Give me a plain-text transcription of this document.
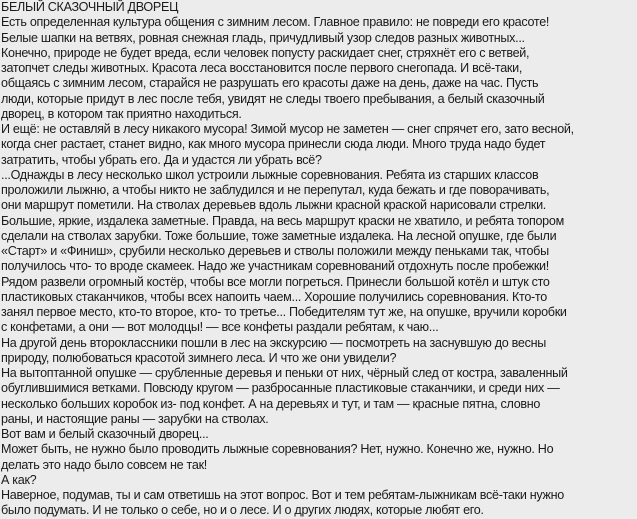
БЕЛЫЙ СКАЗОЧНЫЙ ДВОРЕЦ
Есть определенная культура общения с зимним лесом. Главное правило: не повреди его красоте!
Белые шапки на ветвях, ровная снежная гладь, причудливый узор следов разных животных...
Конечно, природе не будет вреда, если человек попусту раскидает снег, стряхнёт его с ветвей,
затопчет следы животных. Красота леса восстановится после первого снегопада. И всё-таки,
общаясь с зимним лесом, старайся не разрушать его красоты даже на день, даже на час. Пусть
люди, которые придут в лес после тебя, увидят не следы твоего пребывания, а белый сказочный
дворец, в котором так приятно находиться.
И ещё: не оставляй в лесу никакого мусора! Зимой мусор не заметен — снег спрячет его, зато весной,
когда снег растает, станет видно, как много мусора принесли сюда люди. Много труда надо будет
затратить, чтобы убрать его. Да и удастся ли убрать всё?
...Однажды в лесу несколько школ устроили лыжные соревнования. Ребята из старших классов
проложили лыжню, а чтобы никто не заблудился и не перепутал, куда бежать и где поворачивать,
они маршрут пометили. На стволах деревьев вдоль лыжни красной краской нарисовали стрелки.
Большие, яркие, издалека заметные. Правда, на весь маршрут краски не хватило, и ребята топором
сделали на стволах зарубки. Тоже большие, тоже заметные издалека. На лесной опушке, где были
«Старт» и «Финиш», срубили несколько деревьев и стволы положили между пеньками так, чтобы
получилось что- то вроде скамеек. Надо же участникам соревнований отдохнуть после пробежки!
Рядом развели огромный костёр, чтобы все могли погреться. Принесли большой котёл и штук сто
пластиковых стаканчиков, чтобы всех напоить чаем... Хорошие получились соревнования. Кто-то
занял первое место, кто-то второе, кто- то третье... Победителям тут же, на опушке, вручили коробки
с конфетами, а они — вот молодцы! — все конфеты раздали ребятам, к чаю...
На другой день второклассники пошли в лес на экскурсию — посмотреть на заснувшую до весны
природу, полюбоваться красотой зимнего леса. И что же они увидели?
На вытоптанной опушке — срубленные деревья и пеньки от них, чёрный след от костра, заваленный
обуглившимися ветками. Повсюду кругом — разбросанные пластиковые стаканчики, и среди них —
несколько больших коробок из- под конфет. А на деревьях и тут, и там — красные пятна, словно
раны, и настоящие раны — зарубки на стволах.
Вот вам и белый сказочный дворец...
Может быть, не нужно было проводить лыжные соревнования? Нет, нужно. Конечно же, нужно. Но
делать это надо было совсем не так!
А как?
Наверное, подумав, ты и сам ответишь на этот вопрос. Вот и тем ребятам-лыжникам всё-таки нужно
было подумать. И не только о себе, но и о лесе. И о других людях, которые любят его.
